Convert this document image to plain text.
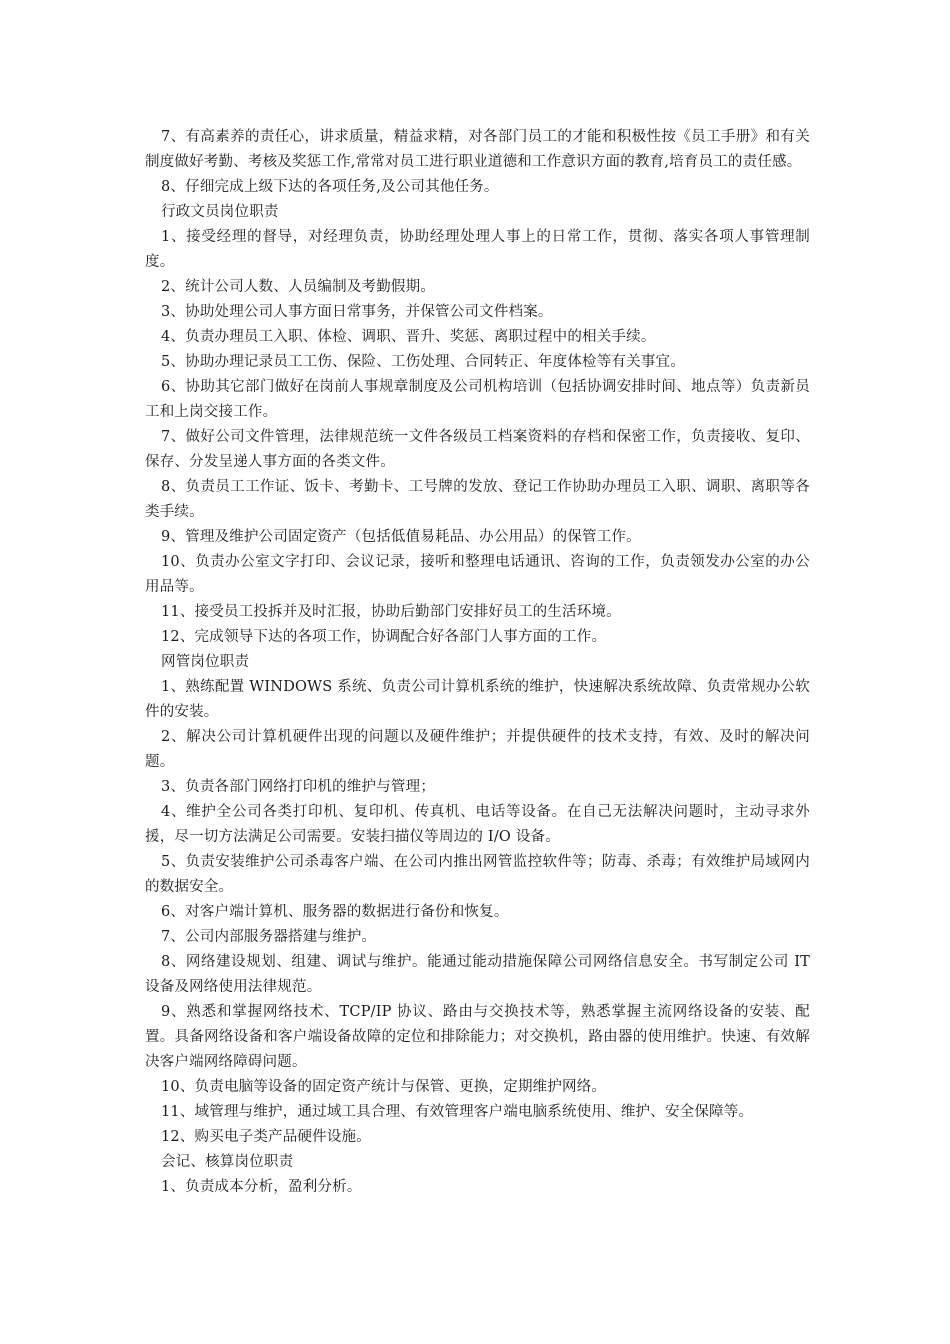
7、有高素养的责任心，讲求质量，精益求精，对各部门员工的才能和积极性按《员工手册》和有关制度做好考勤、考核及奖惩工作,常常对员工进行职业道德和工作意识方面的教育,培育员工的责任感。

8、仔细完成上级下达的各项任务,及公司其他任务。

行政文员岗位职责

1、接受经理的督导，对经理负责，协助经理处理人事上的日常工作，贯彻、落实各项人事管理制度。

2、统计公司人数、人员编制及考勤假期。

3、协助处理公司人事方面日常事务，并保管公司文件档案。

4、负责办理员工入职、体检、调职、晋升、奖惩、离职过程中的相关手续。

5、协助办理记录员工工伤、保险、工伤处理、合同转正、年度体检等有关事宜。

6、协助其它部门做好在岗前人事规章制度及公司机构培训（包括协调安排时间、地点等）负责新员工和上岗交接工作。

7、做好公司文件管理，法律规范统一文件各级员工档案资料的存档和保密工作，负责接收、复印、保存、分发呈递人事方面的各类文件。

8、负责员工工作证、饭卡、考勤卡、工号牌的发放、登记工作协助办理员工入职、调职、离职等各类手续。

9、管理及维护公司固定资产（包括低值易耗品、办公用品）的保管工作。

10、负责办公室文字打印、会议记录，接听和整理电话通讯、咨询的工作，负责领发办公室的办公用品等。

11、接受员工投拆并及时汇报，协助后勤部门安排好员工的生活环境。

12、完成领导下达的各项工作，协调配合好各部门人事方面的工作。

网管岗位职责

1、熟练配置 WINDOWS 系统、负责公司计算机系统的维护，快速解决系统故障、负责常规办公软件的安装。

2、解决公司计算机硬件出现的问题以及硬件维护；并提供硬件的技术支持，有效、及时的解决问题。

3、负责各部门网络打印机的维护与管理；

4、维护全公司各类打印机、复印机、传真机、电话等设备。在自己无法解决问题时，主动寻求外援，尽一切方法满足公司需要。安装扫描仪等周边的 I/O 设备。

5、负责安装维护公司杀毒客户端、在公司内推出网管监控软件等；防毒、杀毒；有效维护局域网内的数据安全。

6、对客户端计算机、服务器的数据进行备份和恢复。

7、公司内部服务器搭建与维护。

8、网络建设规划、组建、调试与维护。能通过能动措施保障公司网络信息安全。书写制定公司 IT 设备及网络使用法律规范。

9、熟悉和掌握网络技术、TCP/IP 协议、路由与交换技术等，熟悉掌握主流网络设备的安装、配置。具备网络设备和客户端设备故障的定位和排除能力；对交换机，路由器的使用维护。快速、有效解决客户端网络障碍问题。

10、负责电脑等设备的固定资产统计与保管、更换，定期维护网络。

11、域管理与维护，通过域工具合理、有效管理客户端电脑系统使用、维护、安全保障等。

12、购买电子类产品硬件设施。

会记、核算岗位职责

1、负责成本分析，盈利分析。
